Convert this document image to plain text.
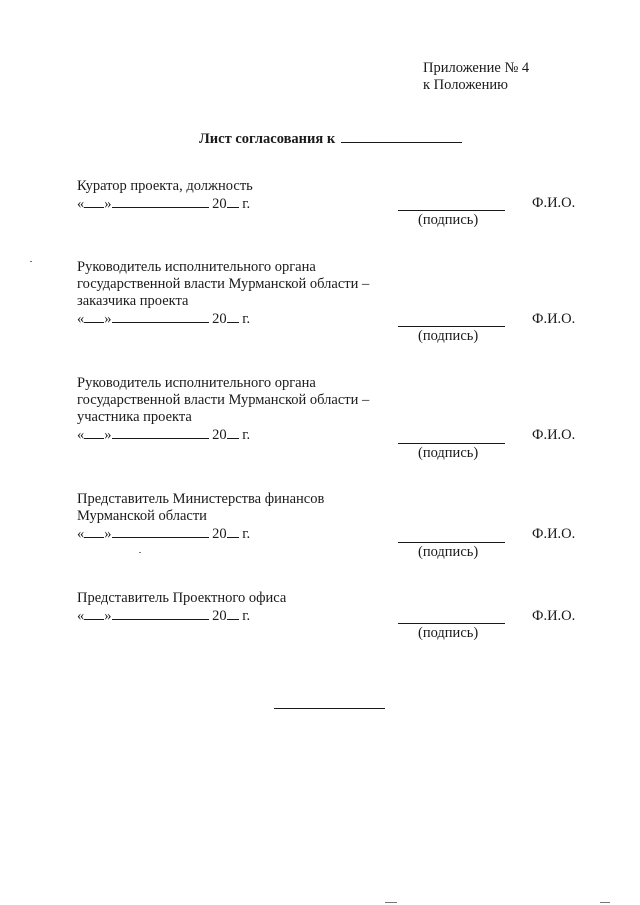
Приложение № 4
к Положению
Лист согласования к
Куратор проекта, должность
« »	20 г.
(подпись)
Ф.И.О.
Руководитель исполнительного органа
государственной власти Мурманской области –
заказчика проекта
« »	20 г.
(подпись)
Ф.И.О.
Руководитель исполнительного органа
государственной власти Мурманской области –
участника проекта
« »	20 г.
(подпись)
Ф.И.О.
Представитель Министерства финансов
Мурманской области
« »	20 г.
(подпись)
Ф.И.О.
Представитель Проектного офиса
« »	20 г.
(подпись)
Ф.И.О.
